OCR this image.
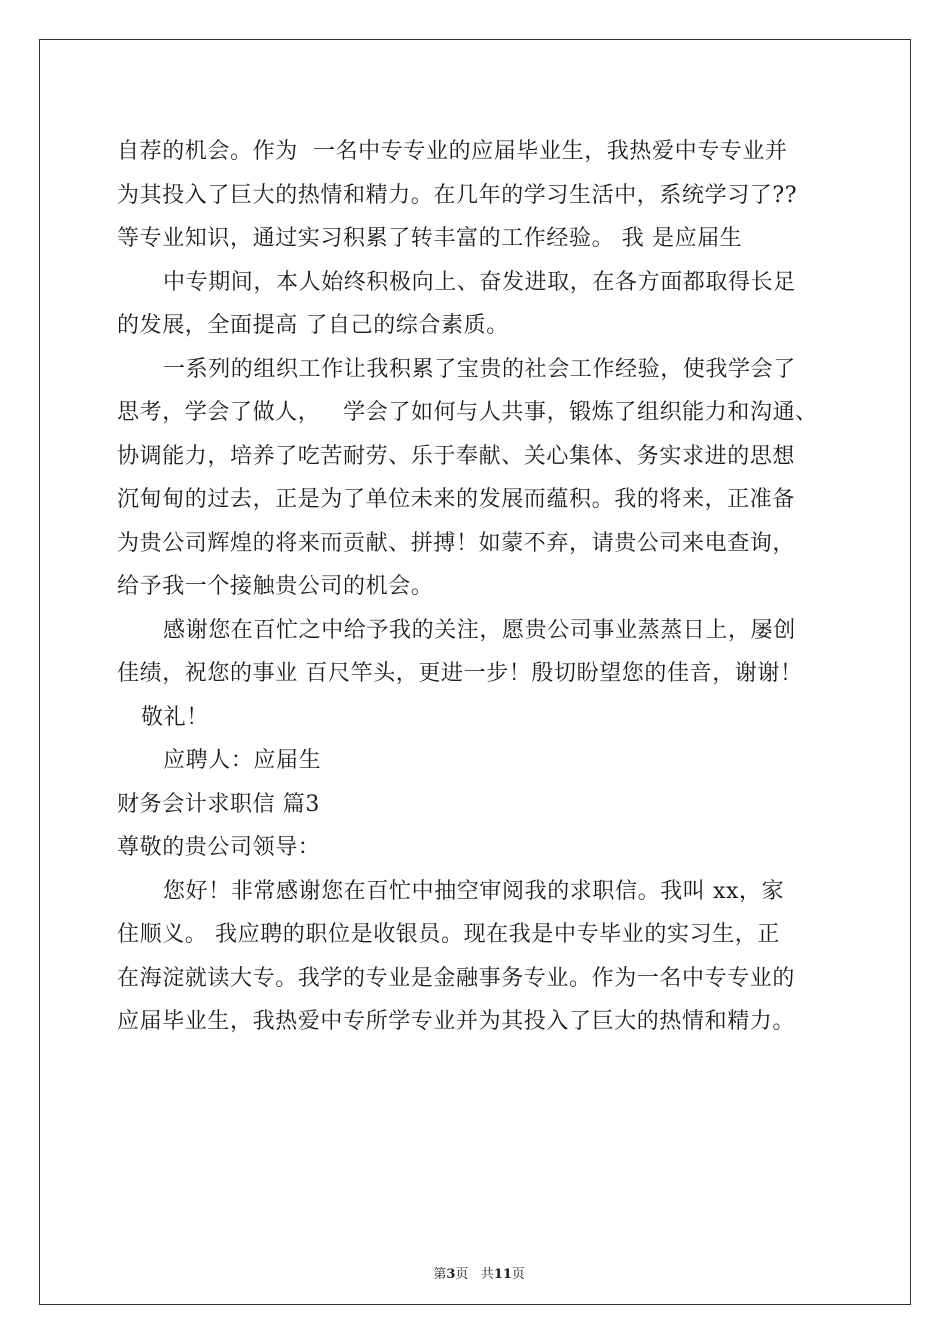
自荐的机会。作为  一名中专专业的应届毕业生，我热爱中专专业并
为其投入了巨大的热情和精力。在几年的学习生活中，系统学习了??
等专业知识，通过实习积累了转丰富的工作经验。 我 是应届生
中专期间，本人始终积极向上、奋发进取，在各方面都取得长足
的发展，全面提高 了自己的综合素质。
一系列的组织工作让我积累了宝贵的社会工作经验，使我学会了
思考，学会了做人，   学会了如何与人共事，锻炼了组织能力和沟通、
协调能力，培养了吃苦耐劳、乐于奉献、关心集体、务实求进的思想
沉甸甸的过去，正是为了单位未来的发展而蕴积。我的将来，正准备
为贵公司辉煌的将来而贡献、拼搏！如蒙不弃，请贵公司来电查询，
给予我一个接触贵公司的机会。
感谢您在百忙之中给予我的关注，愿贵公司事业蒸蒸日上，屡创
佳绩，祝您的事业 百尺竿头，更进一步！殷切盼望您的佳音，谢谢！
敬礼！
应聘人：应届生
财务会计求职信 篇3
尊敬的贵公司领导：
您好！非常感谢您在百忙中抽空审阅我的求职信。我叫 xx，家
住顺义。 我应聘的职位是收银员。现在我是中专毕业的实习生，正
在海淀就读大专。我学的专业是金融事务专业。作为一名中专专业的
应届毕业生，我热爱中专所学专业并为其投入了巨大的热情和精力。

第3页   共11页
